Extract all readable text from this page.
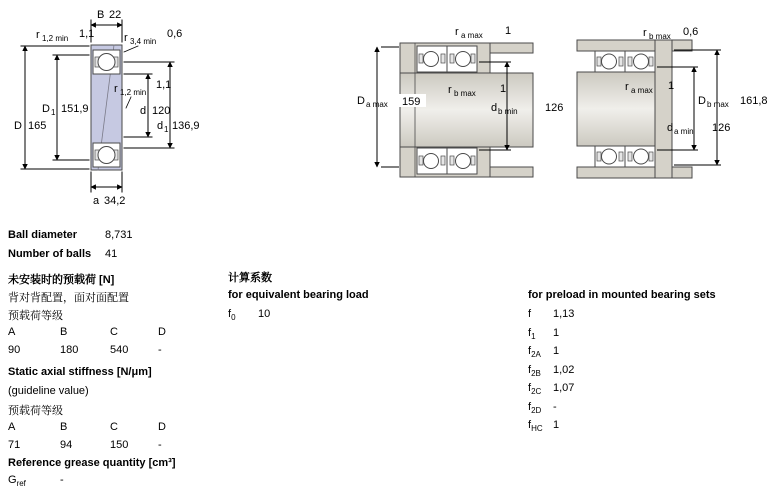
B 22
r 1,2 min 1,1	r 3,4 min
0,6
r 1,2 min
1,1
D 1 151,9
D 165
d 120
d 1 136,9
a 34,2
r a max 1
D a max 159
r b max 1
d b min 126
r b max 0,6
r a max 1
D b max 161,8
d a min 126
Ball diameter	8,731
Number of balls 41
未安装时的预载荷 [N]
背对背配置，面对面配置
预载荷等级
A	B	C	D
90	180	540	-
Static axial stiffness [N/μm]
(guideline value)
预载荷等级
A	B	C	D
71	94	150	-
Reference grease quantity [cm³]
$G_{ref}$	-
计算系数
for equivalent bearing load
$f_0$ 10
for preload in mounted bearing sets
f 1,13
$f_1$ 1
$f_{2A}$ 1
$f_{2B}$ 1,02
$f_{2C}$ 1,07
$f_{2D}$ -
$f_{HC}$ 1
